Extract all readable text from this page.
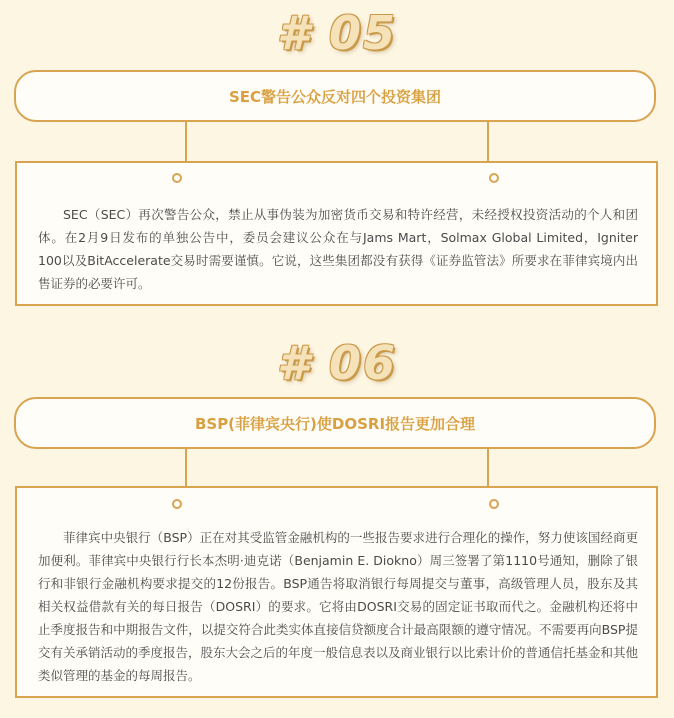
# 05
SEC警告公众反对四个投资集团

SEC（SEC）再次警告公众，禁止从事伪装为加密货币交易和特许经营，未经授权投资活动的个人和团体。在2月9日发布的单独公告中，委员会建议公众在与Jams Mart，Solmax Global Limited，Igniter 100以及BitAccelerate交易时需要谨慎。它说，这些集团都没有获得《证券监管法》所要求在菲律宾境内出售证券的必要许可。

# 06
BSP(菲律宾央行)使DOSRI报告更加合理

菲律宾中央银行（BSP）正在对其受监管金融机构的一些报告要求进行合理化的操作，努力使该国经商更加便利。菲律宾中央银行行长本杰明·迪克诺（Benjamin E. Diokno）周三签署了第1110号通知，删除了银行和非银行金融机构要求提交的12份报告。BSP通告将取消银行每周提交与董事，高级管理人员，股东及其相关权益借款有关的每日报告（DOSRI）的要求。它将由DOSRI交易的固定证书取而代之。金融机构还将中止季度报告和中期报告文件，以提交符合此类实体直接信贷额度合计最高限额的遵守情况。不需要再向BSP提交有关承销活动的季度报告，股东大会之后的年度一般信息表以及商业银行以比索计价的普通信托基金和其他类似管理的基金的每周报告。
